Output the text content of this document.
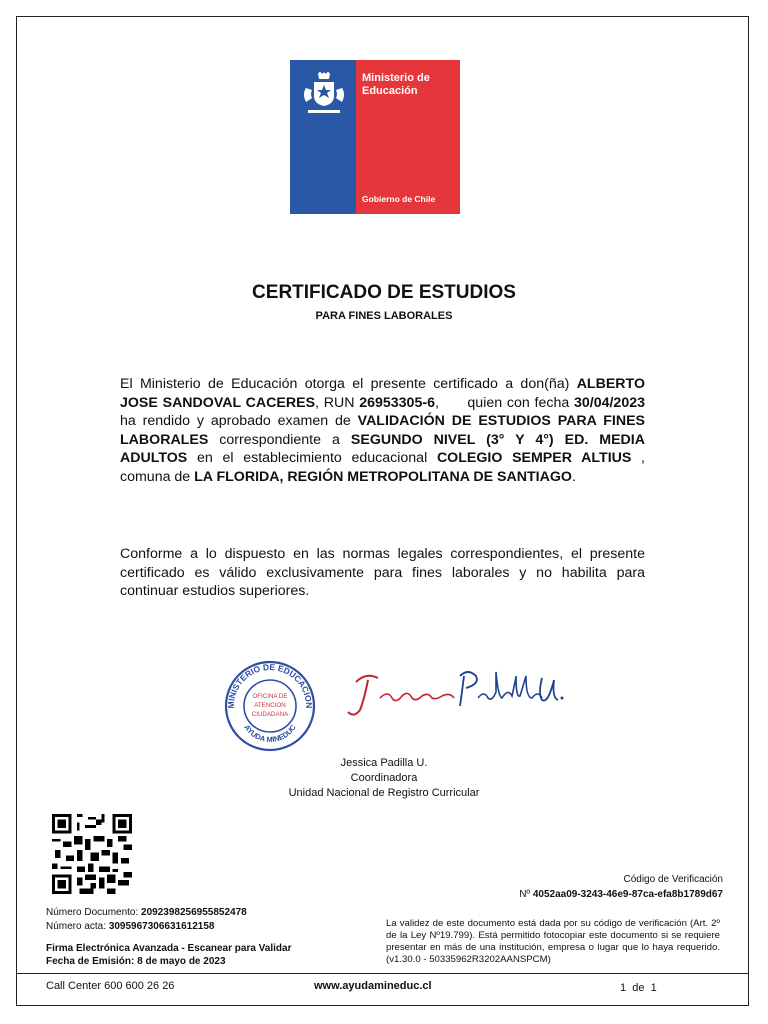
Ministerio de
Educación
Gobierno de Chile
CERTIFICADO DE ESTUDIOS
PARA FINES LABORALES
El Ministerio de Educación otorga el presente certificado a don(ña) ALBERTO JOSE SANDOVAL CACERES, RUN 26953305-6,      quien con fecha 30/04/2023 ha rendido y aprobado examen de VALIDACIÓN DE ESTUDIOS PARA FINES LABORALES correspondiente a SEGUNDO NIVEL (3° Y 4°) ED. MEDIA ADULTOS en el establecimiento educacional COLEGIO SEMPER ALTIUS , comuna de LA FLORIDA, REGIÓN METROPOLITANA DE SANTIAGO.
Conforme a lo dispuesto en las normas legales correspondientes, el presente certificado es válido exclusivamente para fines laborales y no habilita para continuar estudios superiores.
MINISTERIO DE EDUCACION
AYUDA MINEDUC
OFICINA DE
ATENCION
CIUDADANA
Jessica Padilla U.
Coordinadora
Unidad Nacional de Registro Curricular
Código de Verificación
Nº 4052aa09-3243-46e9-87ca-efa8b1789d67
Número Documento: 2092398256955852478
Número acta: 3095967306631612158
Firma Electrónica Avanzada - Escanear para Validar
Fecha de Emisión: 8 de mayo de 2023
La validez de este documento está dada por su código de verificación (Art. 2º de la Ley Nº19.799). Está permitido fotocopiar este documento si se requiere presentar en más de una institución, empresa o lugar que lo haya requerido. (v1.30.0 - 50335962R3202AANSPCM)
Call Center 600 600 26 26	www.ayudamineduc.cl	1  de  1
